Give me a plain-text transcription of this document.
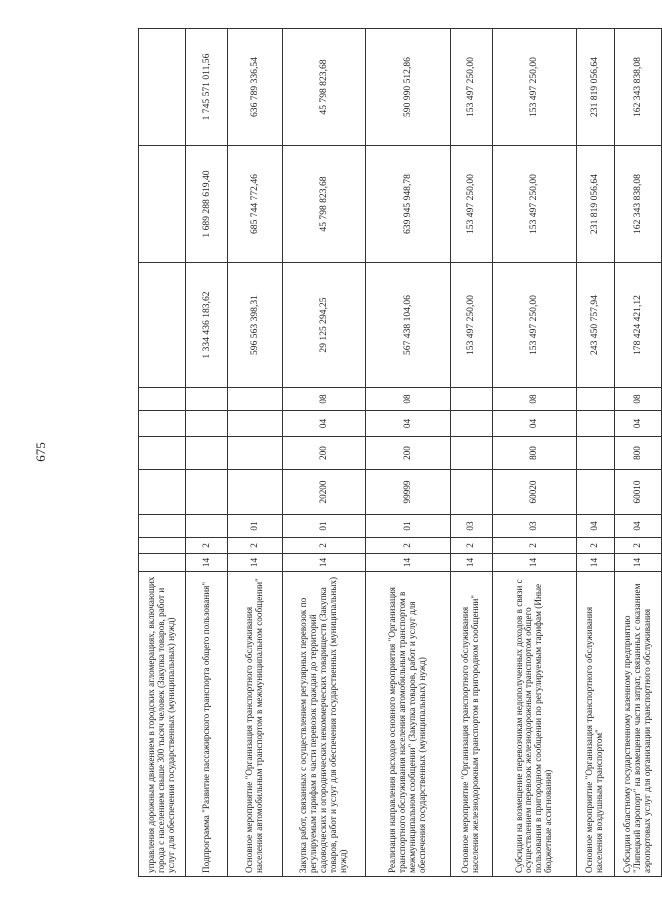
675
управления дорожным движением в городских агломерациях, включающих города с населением свыше 300 тысяч человек (Закупка товаров, работ и услуг для обеспечения государственных (муниципальных) нужд)										
Подпрограмма "Развитие пассажирского транспорта общего пользования"	14	2						1 334 436 183,62	1 689 288 619,40	1 745 571 011,56
Основное мероприятие "Организация транспортного обслуживания населения автомобильным транспортом в межмуниципальном сообщении"	14	2	01					596 563 398,31	685 744 772,46	636 789 336,54
Закупка работ, связанных с осуществлением регулярных перевозок по регулируемым тарифам в части перевозок граждан до территорий садоводческих и огороднических некоммерческих товариществ (Закупка товаров, работ и услуг для обеспечения государственных (муниципальных) нужд)	14	2	01	20200	200	04	08	29 125 294,25	45 798 823,68	45 798 823,68
Реализация направления расходов основного мероприятия "Организация транспортного обслуживания населения автомобильным транспортом в межмуниципальном сообщении" (Закупка товаров, работ и услуг для обеспечения государственных (муниципальных) нужд)	14	2	01	99999	200	04	08	567 438 104,06	639 945 948,78	590 990 512,86
Основное мероприятие "Организация транспортного обслуживания населения железнодорожным транспортом в пригородном сообщении"	14	2	03					153 497 250,00	153 497 250,00	153 497 250,00
Субсидии на возмещение перевозчикам недополученных доходов в связи с осуществлением перевозок железнодорожным транспортом общего пользования в пригородном сообщении по регулируемым тарифам (Иные бюджетные ассигнования)	14	2	03	60020	800	04	08	153 497 250,00	153 497 250,00	153 497 250,00
Основное мероприятие "Организация транспортного обслуживания населения воздушным транспортом"	14	2	04					243 450 757,94	231 819 056,64	231 819 056,64
Субсидии областному государственному казенному предприятию "Липецкий аэропорт" на возмещение части затрат, связанных с оказанием аэропортовых услуг для организации транспортного обслуживания	14	2	04	60010	800	04	08	178 424 421,12	162 343 838,08	162 343 838,08
